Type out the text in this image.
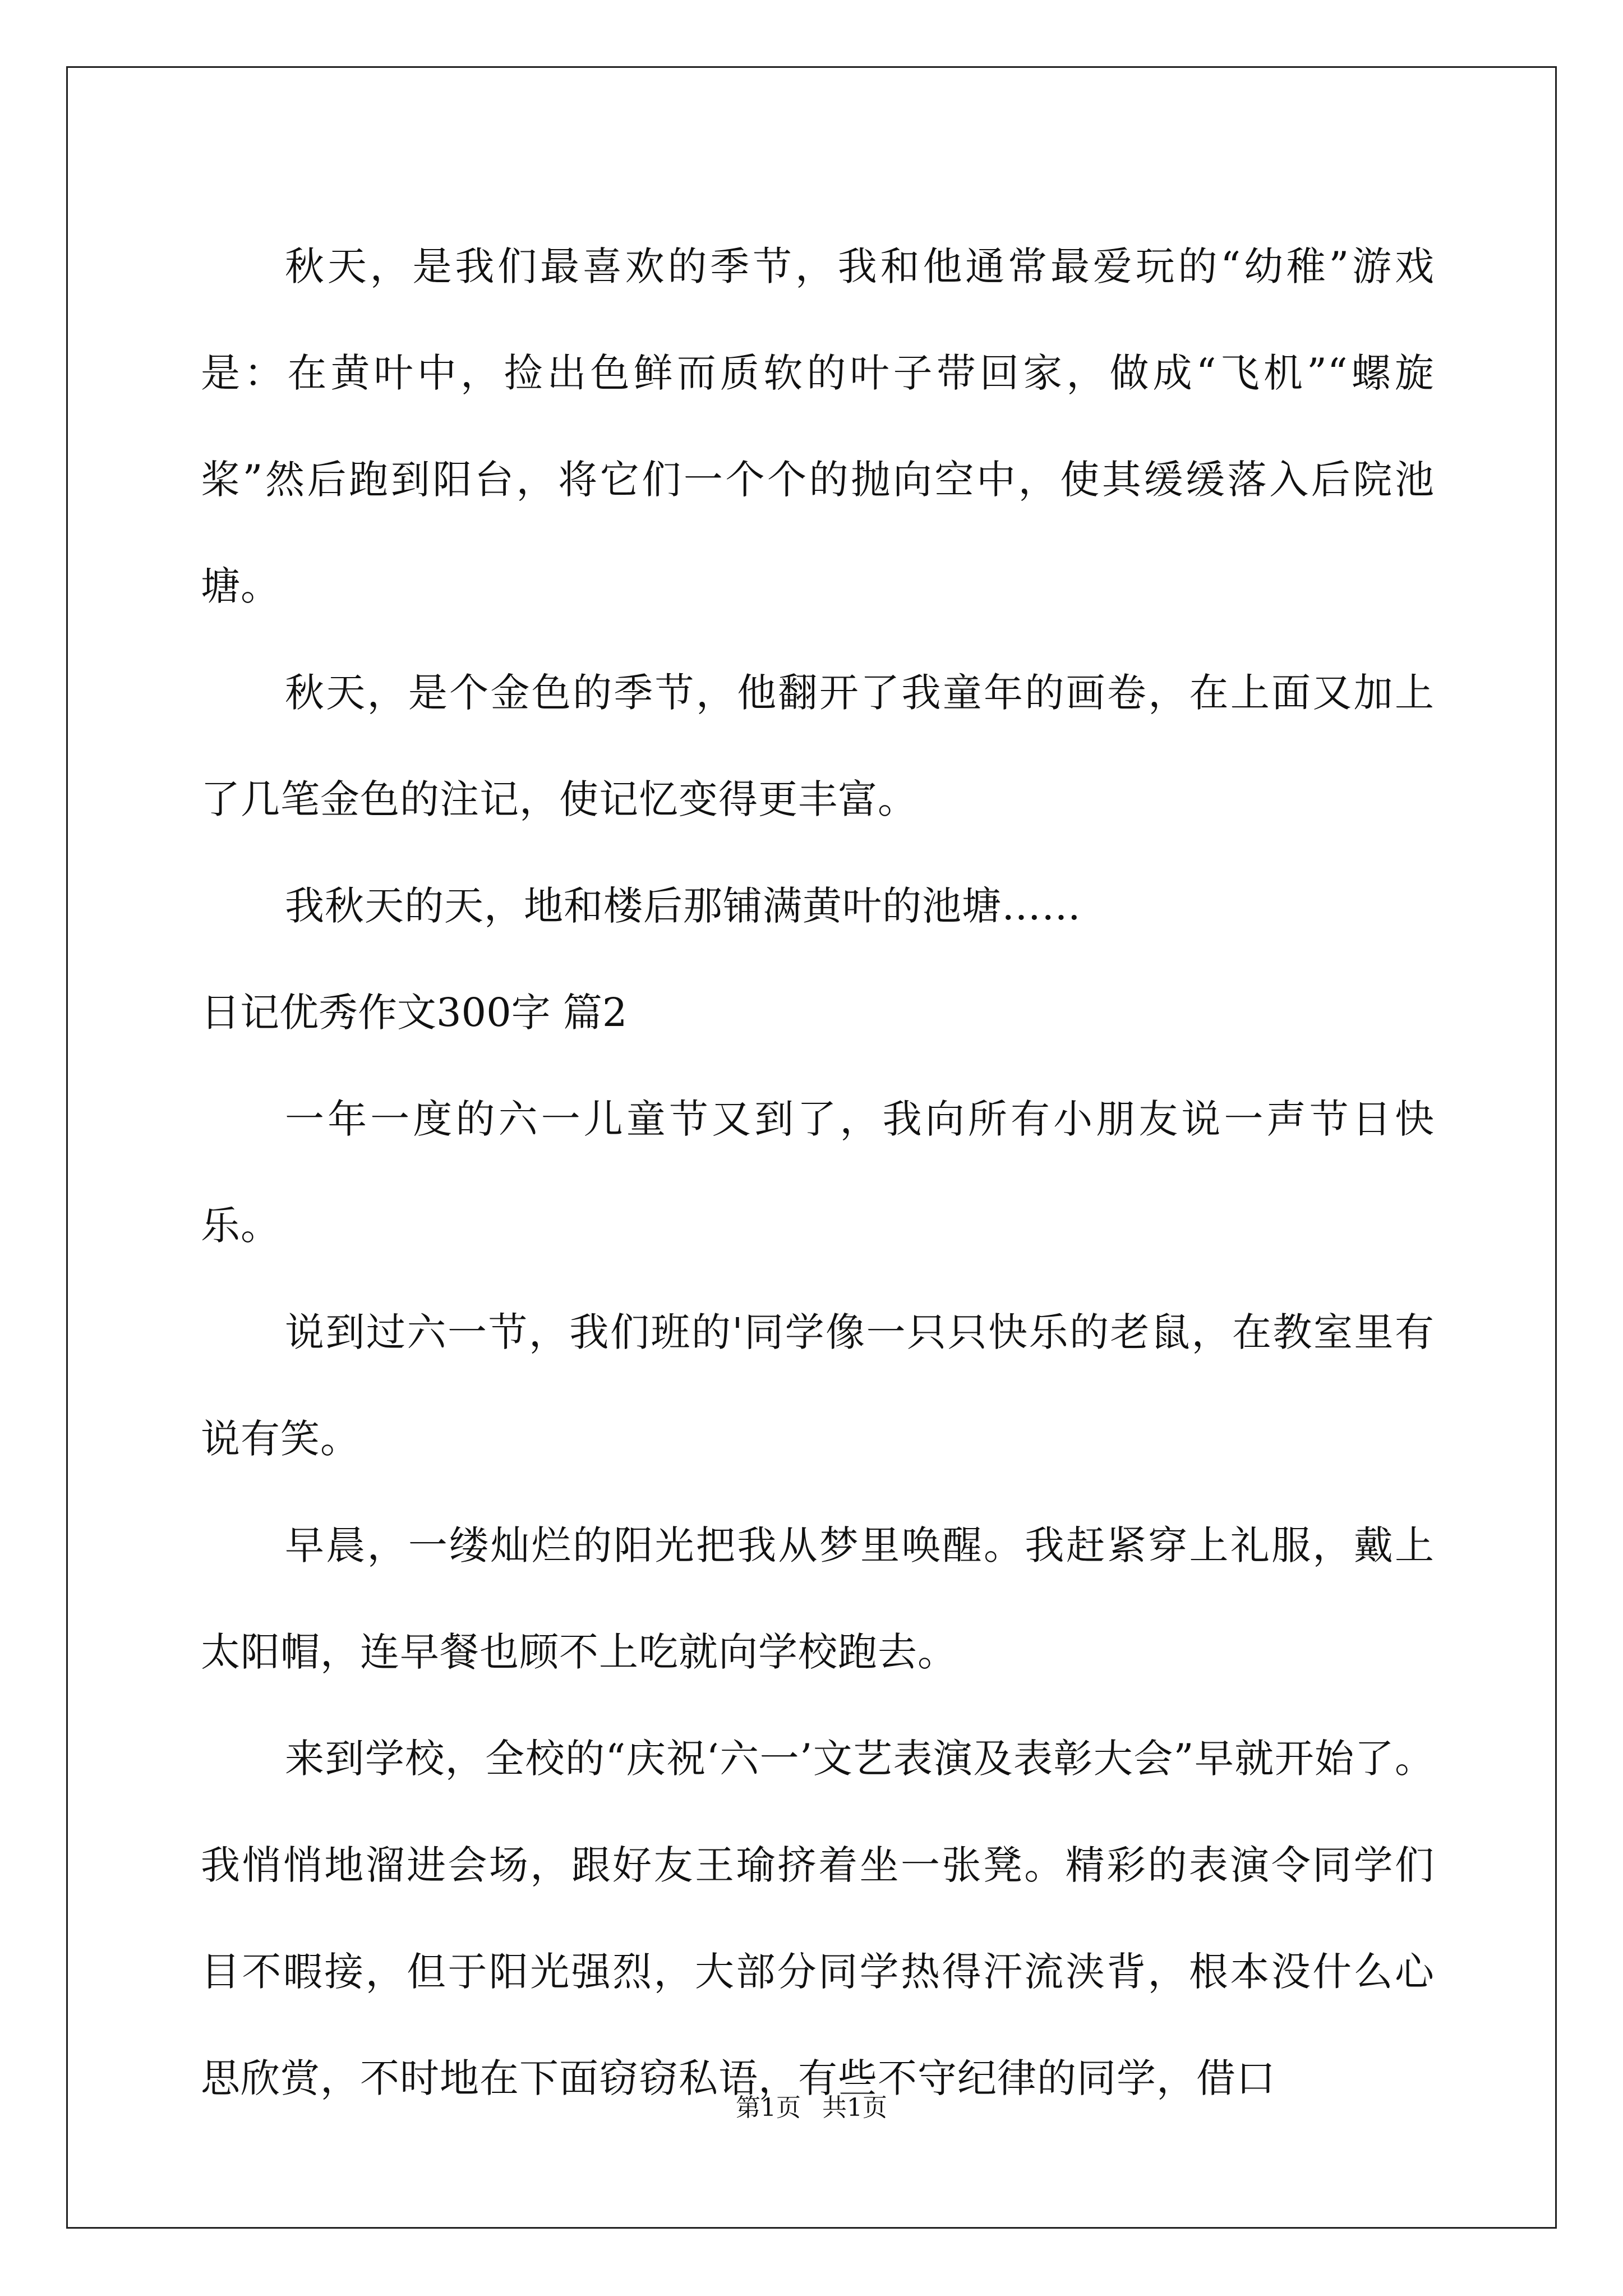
秋天，是我们最喜欢的季节，我和他通常最爱玩的“幼稚”游戏是：在黄叶中，捡出色鲜而质软的叶子带回家，做成“飞机”“螺旋桨”然后跑到阳台，将它们一个个的抛向空中，使其缓缓落入后院池塘。

秋天，是个金色的季节，他翻开了我童年的画卷，在上面又加上了几笔金色的注记，使记忆变得更丰富。

我秋天的天，地和楼后那铺满黄叶的池塘……

日记优秀作文300字 篇2

一年一度的六一儿童节又到了，我向所有小朋友说一声节日快乐。

说到过六一节，我们班的'同学像一只只快乐的老鼠，在教室里有说有笑。

早晨，一缕灿烂的阳光把我从梦里唤醒。我赶紧穿上礼服，戴上太阳帽，连早餐也顾不上吃就向学校跑去。

来到学校，全校的“庆祝‘六一’文艺表演及表彰大会”早就开始了。我悄悄地溜进会场，跟好友王瑜挤着坐一张凳。精彩的表演令同学们目不暇接，但于阳光强烈，大部分同学热得汗流浃背，根本没什么心思欣赏，不时地在下面窃窃私语，有些不守纪律的同学，借口

第1页 共1页
